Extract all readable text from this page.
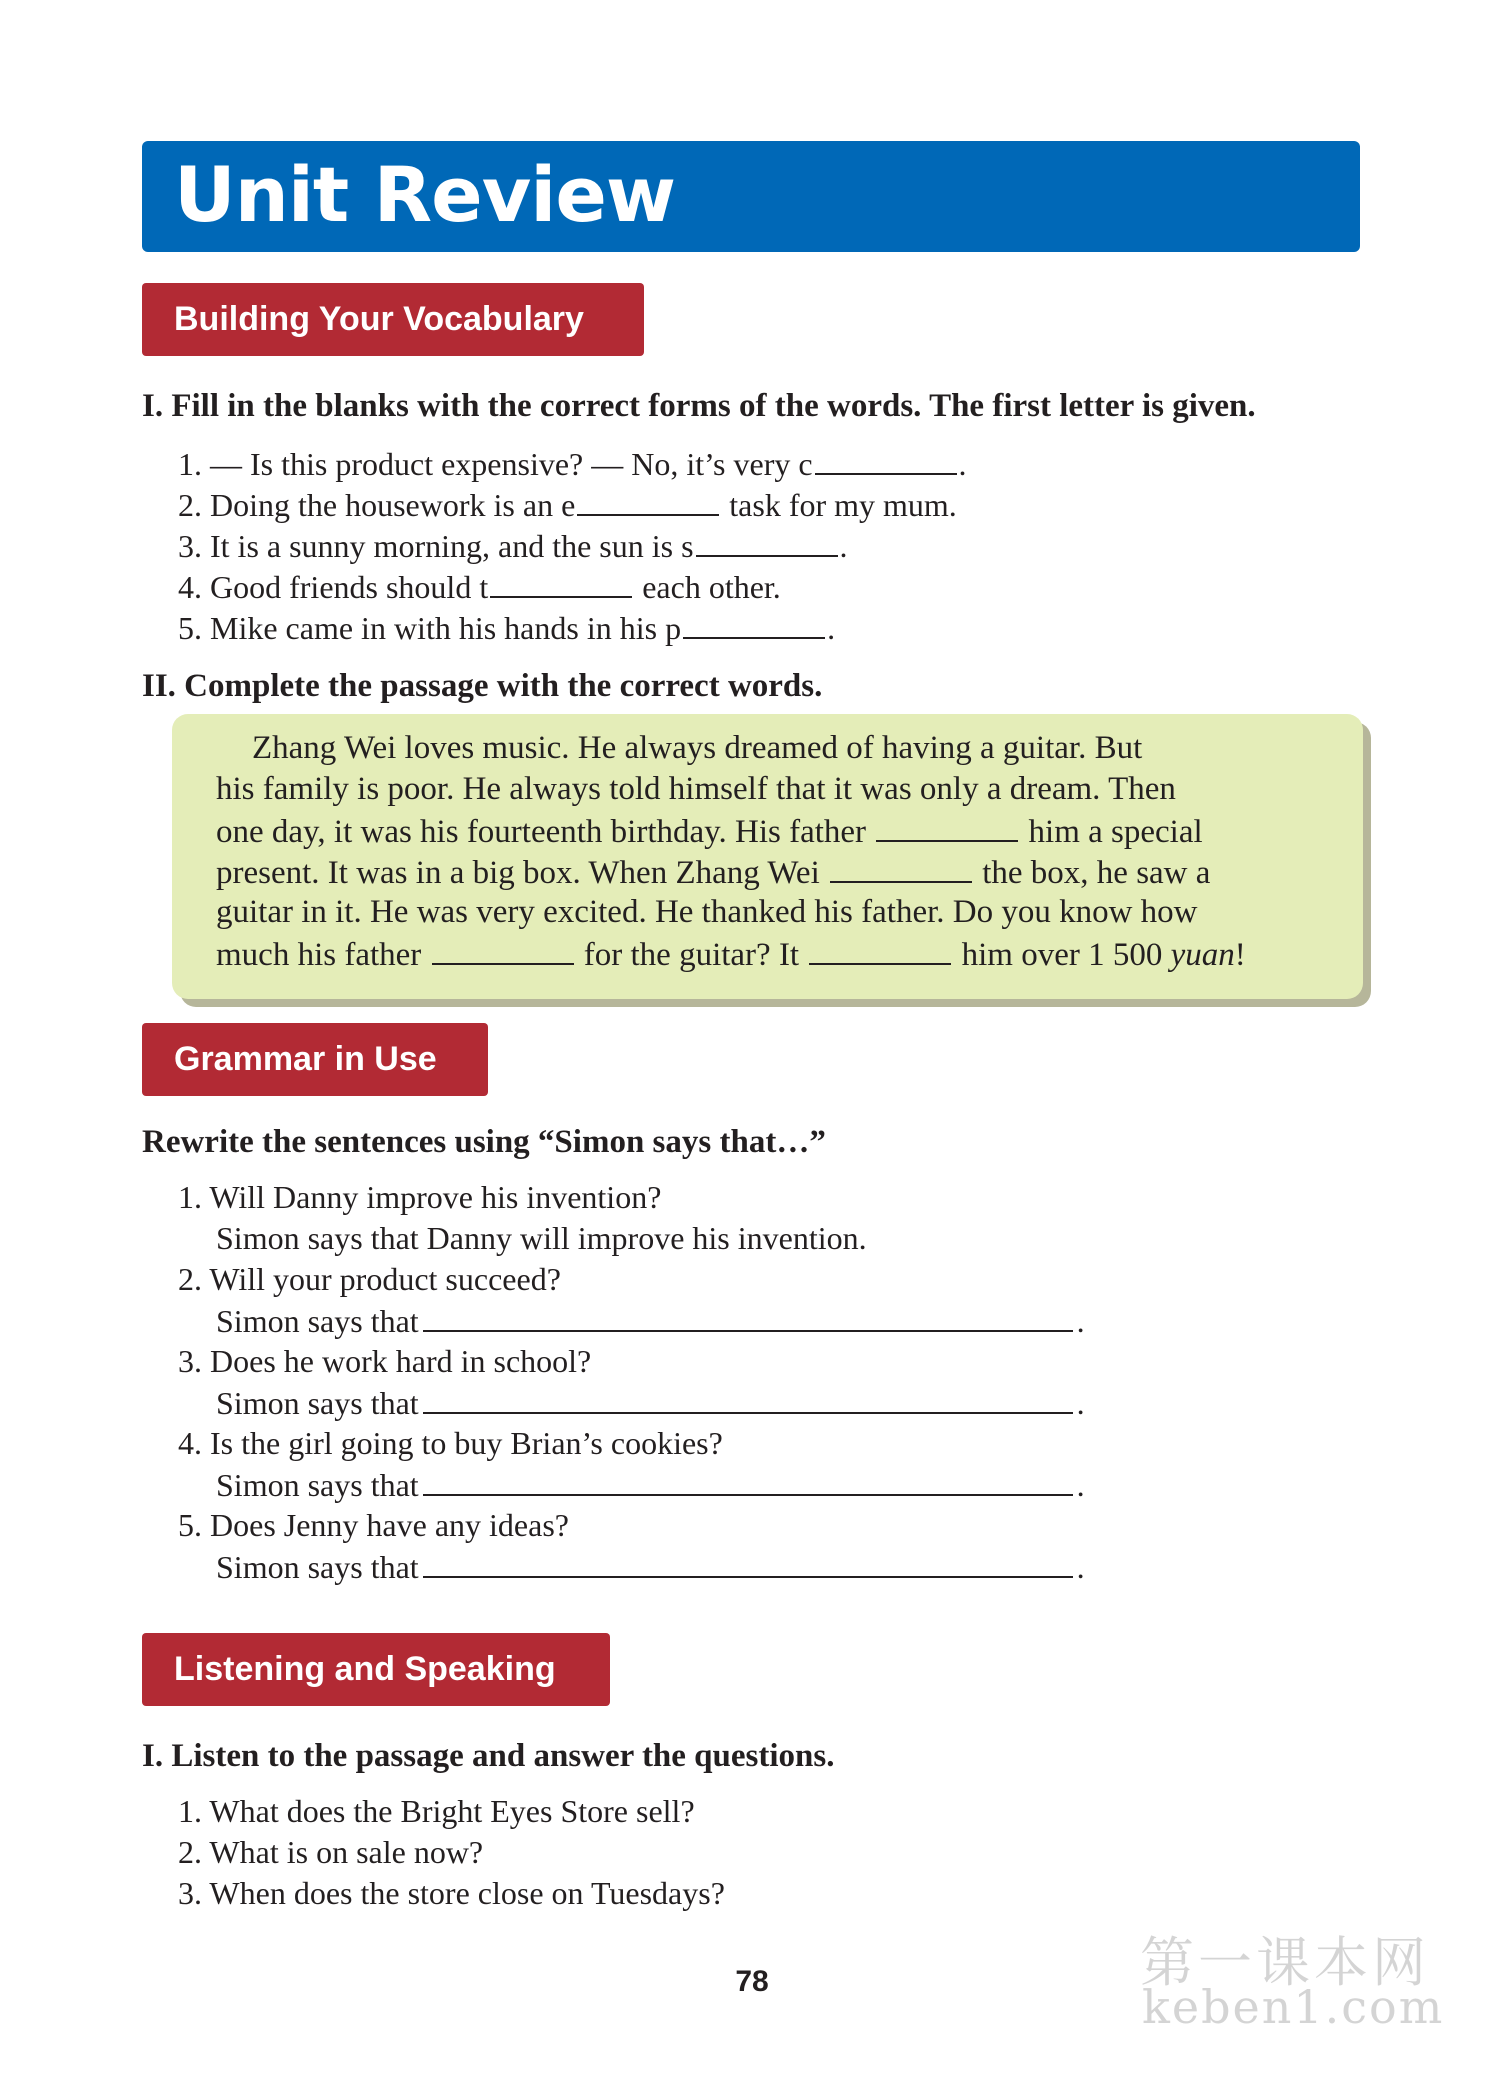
Unit Review
Building Your Vocabulary
I. Fill in the blanks with the correct forms of the words. The first letter is given.
1. — Is this product expensive? — No, it’s very c	.
2. Doing the housework is an e	task for my mum.
3. It is a sunny morning, and the sun is s	.
4. Good friends should t	each other.
5. Mike came in with his hands in his p	.
II. Complete the passage with the correct words.
Zhang Wei loves music. He always dreamed of having a guitar. But
his family is poor. He always told himself that it was only a dream. Then
one day, it was his fourteenth birthday. His father	him a special
present. It was in a big box. When Zhang Wei	the box, he saw a
guitar in it. He was very excited. He thanked his father. Do you know how
much his father	for the guitar? It	him over 1 500 yuan!
Grammar in Use
Rewrite the sentences using “Simon says that…”
1. Will Danny improve his invention?
Simon says that Danny will improve his invention.
2. Will your product succeed?
Simon says that	.
3. Does he work hard in school?
Simon says that	.
4. Is the girl going to buy Brian’s cookies?
Simon says that	.
5. Does Jenny have any ideas?
Simon says that	.
Listening and Speaking
I. Listen to the passage and answer the questions.
1. What does the Bright Eyes Store sell?
2. What is on sale now?
3. When does the store close on Tuesdays?
78	第一课本网
keben1.com
